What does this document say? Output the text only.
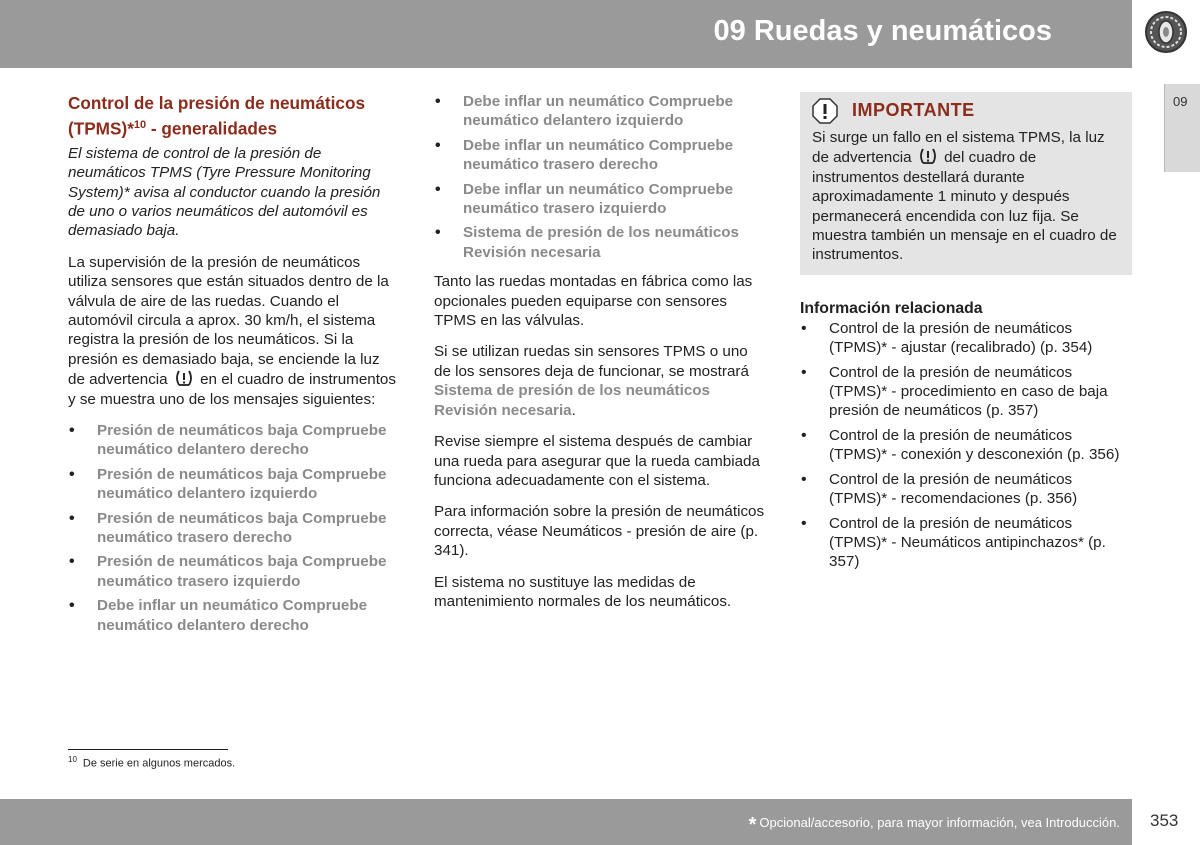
09 Ruedas y neumáticos
09
Control de la presión de neumáticos
(TPMS)*$^{10}$ - generalidades

El sistema de control de la presión de neumáticos TPMS (Tyre Pressure Monitoring System)* avisa al conductor cuando la presión de uno o varios neumáticos del automóvil es demasiado baja.

La supervisión de la presión de neumáticos utiliza sensores que están situados dentro de la válvula de aire de las ruedas. Cuando el automóvil circula a aprox. 30 km/h, el sistema registra la presión de los neumáticos. Si la presión es demasiado baja, se enciende la luz de advertencia en el cuadro de instrumentos y se muestra uno de los mensajes siguientes:

• Presión de neumáticos baja Compruebe neumático delantero derecho
• Presión de neumáticos baja Compruebe neumático delantero izquierdo
• Presión de neumáticos baja Compruebe neumático trasero derecho
• Presión de neumáticos baja Compruebe neumático trasero izquierdo
• Debe inflar un neumático Compruebe neumático delantero derecho
• Debe inflar un neumático Compruebe neumático delantero izquierdo
• Debe inflar un neumático Compruebe neumático trasero derecho
• Debe inflar un neumático Compruebe neumático trasero izquierdo
• Sistema de presión de los neumáticos Revisión necesaria

Tanto las ruedas montadas en fábrica como las opcionales pueden equiparse con sensores TPMS en las válvulas.

Si se utilizan ruedas sin sensores TPMS o uno de los sensores deja de funcionar, se mostrará Sistema de presión de los neumáticos Revisión necesaria.

Revise siempre el sistema después de cambiar una rueda para asegurar que la rueda cambiada funciona adecuadamente con el sistema.

Para información sobre la presión de neumáticos correcta, véase Neumáticos - presión de aire (p. 341).

El sistema no sustituye las medidas de mantenimiento normales de los neumáticos.

IMPORTANTE
Si surge un fallo en el sistema TPMS, la luz de advertencia del cuadro de instrumentos destellará durante aproximadamente 1 minuto y después permanecerá encendida con luz fija. Se muestra también un mensaje en el cuadro de instrumentos.
Información relacionada
• Control de la presión de neumáticos (TPMS)* - ajustar (recalibrado) (p. 354)
• Control de la presión de neumáticos (TPMS)* - procedimiento en caso de baja presión de neumáticos (p. 357)
• Control de la presión de neumáticos (TPMS)* - conexión y desconexión (p. 356)
• Control de la presión de neumáticos (TPMS)* - recomendaciones (p. 356)
• Control de la presión de neumáticos (TPMS)* - Neumáticos antipinchazos* (p. 357)
$^{10}$ De serie en algunos mercados.
* Opcional/accesorio, para mayor información, vea Introducción. 353
